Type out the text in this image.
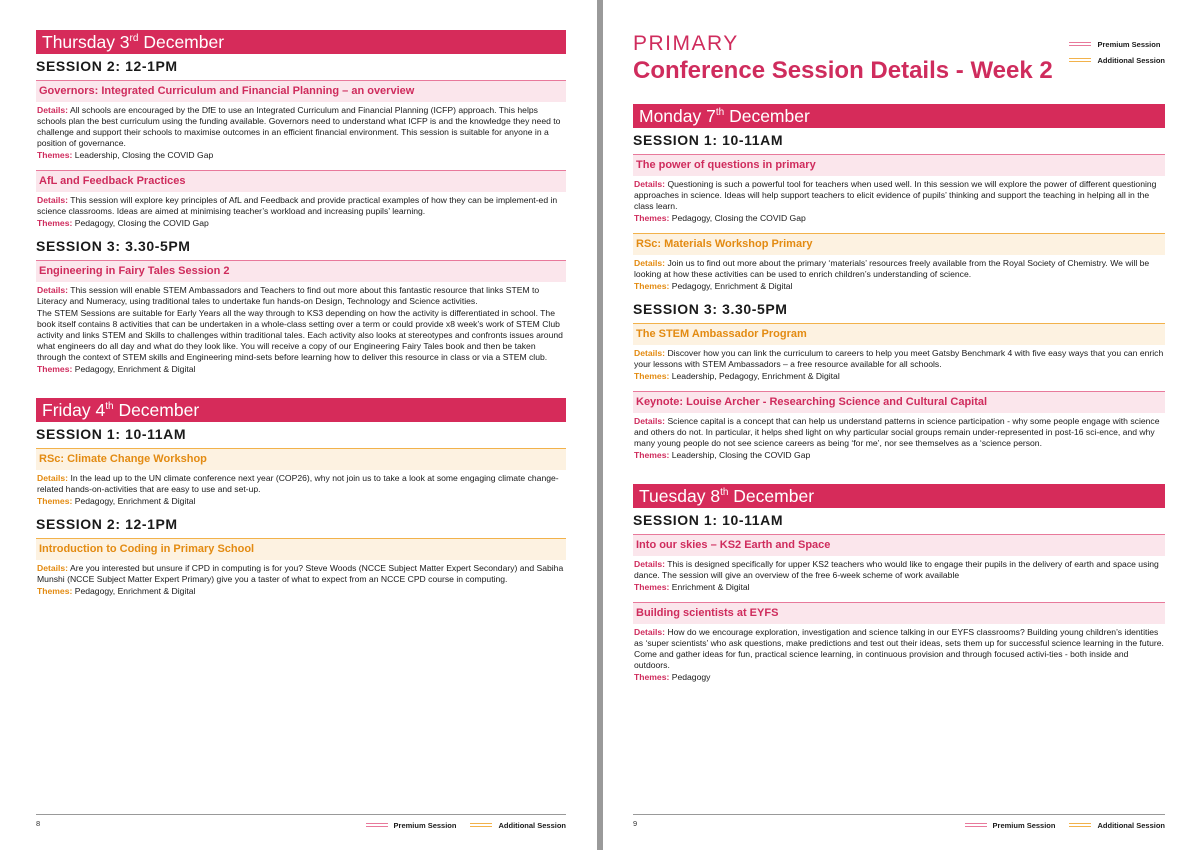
Thursday 3rd December
SESSION 2: 12-1PM
Governors: Integrated Curriculum and Financial Planning – an overview

Details: All schools are encouraged by the DfE to use an Integrated Curriculum and Financial Planning (ICFP) approach. This helps schools plan the best curriculum using the funding available. Governors need to understand what ICFP is and the knowledge they need to challenge and support their schools to maximise outcomes in an efficient financial environment. This session is suitable for anyone in a position of governance.

Themes: Leadership, Closing the COVID Gap

AfL and Feedback Practices

Details: This session will explore key principles of AfL and Feedback and provide practical examples of how they can be implement-ed in science classrooms. Ideas are aimed at minimising teacher’s workload and increasing pupils’ learning.

Themes: Pedagogy, Closing the COVID Gap

SESSION 3: 3.30-5PM
Engineering in Fairy Tales Session 2

Details: This session will enable STEM Ambassadors and Teachers to find out more about this fantastic resource that links STEM to Literacy and Numeracy, using traditional tales to undertake fun hands-on Design, Technology and Science activities.

The STEM Sessions are suitable for Early Years all the way through to KS3 depending on how the activity is differentiated in school. The book itself contains 8 activities that can be undertaken in a whole-class setting over a term or could provide x8 week’s work of STEM Club activity and links STEM and Skills to challenges within traditional tales. Each activity also looks at stereotypes and confronts issues around what engineers do all day and what do they look like. You will receive a copy of our Engineering Fairy Tales book and then be taken through the context of STEM skills and Engineering mind-sets before learning how to deliver this resource in class or via a STEM club.

Themes: Pedagogy, Enrichment & Digital

Friday 4th December
SESSION 1: 10-11AM
RSc: Climate Change Workshop

Details: In the lead up to the UN climate conference next year (COP26), why not join us to take a look at some engaging climate change-related hands-on-activities that are easy to use and set-up.

Themes: Pedagogy, Enrichment & Digital

SESSION 2: 12-1PM
Introduction to Coding in Primary School

Details: Are you interested but unsure if CPD in computing is for you? Steve Woods (NCCE Subject Matter Expert Secondary) and Sabiha Munshi (NCCE Subject Matter Expert Primary) give you a taster of what to expect from an NCCE CPD course in computing.

Themes: Pedagogy, Enrichment & Digital

8	Premium Session	Additional Session
PRIMARY
Conference Session Details - Week 2
Premium Session
Additional Session
Monday 7th December
SESSION 1: 10-11AM
The power of questions in primary

Details: Questioning is such a powerful tool for teachers when used well. In this session we will explore the power of different questioning approaches in science. Ideas will help support teachers to elicit evidence of pupils’ thinking and support the teaching in helping all in the class learn.

Themes: Pedagogy, Closing the COVID Gap

RSc: Materials Workshop Primary

Details: Join us to find out more about the primary ‘materials’ resources freely available from the Royal Society of Chemistry. We will be looking at how these activities can be used to enrich children’s understanding of science.

Themes: Pedagogy, Enrichment & Digital

SESSION 3: 3.30-5PM
The STEM Ambassador Program

Details: Discover how you can link the curriculum to careers to help you meet Gatsby Benchmark 4 with five easy ways that you can enrich your lessons with STEM Ambassadors – a free resource available for all schools.

Themes: Leadership, Pedagogy, Enrichment & Digital

Keynote: Louise Archer - Researching Science and Cultural Capital

Details: Science capital is a concept that can help us understand patterns in science participation - why some people engage with science and others do not. In particular, it helps shed light on why particular social groups remain under-represented in post-16 sci-ence, and why many young people do not see science careers as being ‘for me’, nor see themselves as a ‘science person.

Themes: Leadership, Closing the COVID Gap

Tuesday 8th December
SESSION 1: 10-11AM
Into our skies – KS2 Earth and Space

Details: This is designed specifically for upper KS2 teachers who would like to engage their pupils in the delivery of earth and space using dance. The session will give an overview of the free 6-week scheme of work available

Themes: Enrichment & Digital

Building scientists at EYFS

Details: How do we encourage exploration, investigation and science talking in our EYFS classrooms? Building young children’s identities as ‘super scientists’ who ask questions, make predictions and test out their ideas, sets them up for successful science learning in the future. Come and gather ideas for fun, practical science learning, in continuous provision and through focused activi-ties - both inside and outdoors.

Themes: Pedagogy

9	Premium Session	Additional Session
